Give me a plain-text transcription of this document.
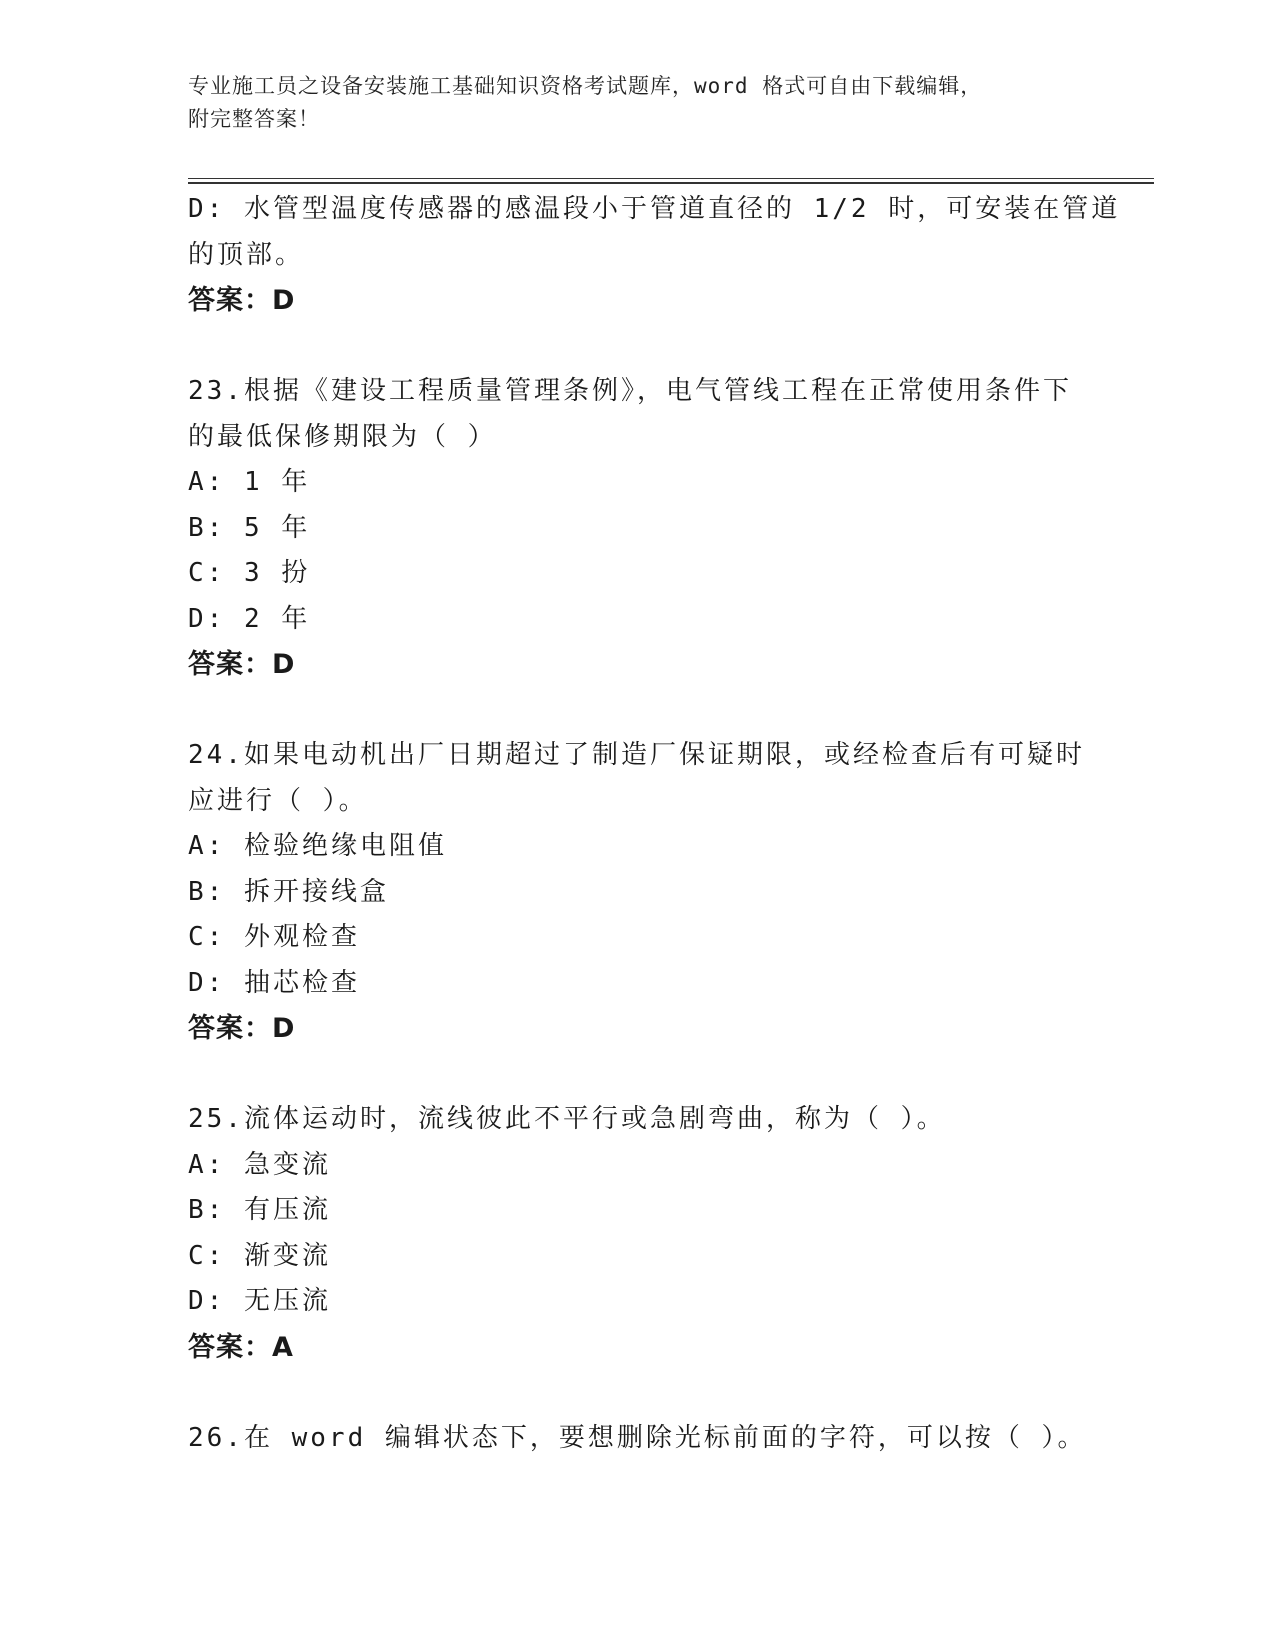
专业施工员之设备安装施工基础知识资格考试题库，word 格式可自由下载编辑，
附完整答案！
D: 水管型温度传感器的感温段小于管道直径的 1/2 时，可安装在管道
的顶部。
答案：D
23.根据《建设工程质量管理条例》，电气管线工程在正常使用条件下
的最低保修期限为（ ）
A: 1 年
B: 5 年
C: 3 扮
D: 2 年
答案：D
24.如果电动机出厂日期超过了制造厂保证期限，或经检查后有可疑时
应进行（ ）。
A: 检验绝缘电阻值
B: 拆开接线盒
C: 外观检查
D: 抽芯检查
答案：D
25.流体运动时，流线彼此不平行或急剧弯曲，称为（ ）。
A: 急变流
B: 有压流
C: 渐变流
D: 无压流
答案：A
26.在 word 编辑状态下，要想删除光标前面的字符，可以按（ ）。
